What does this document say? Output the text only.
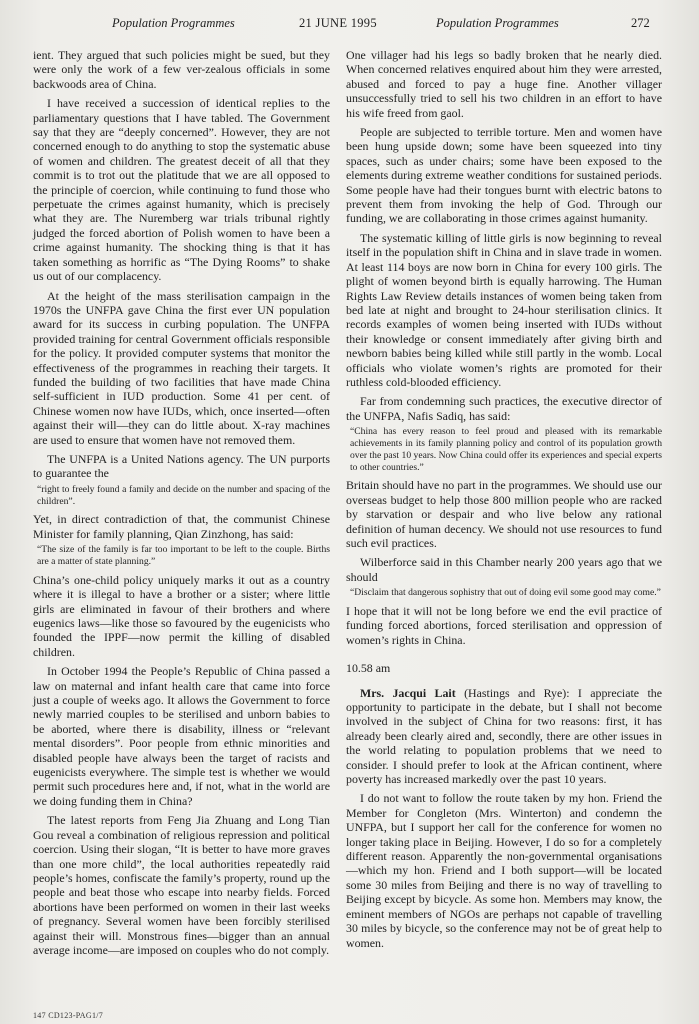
Population Programmes	21 JUNE 1995	Population Programmes	272

ient. They argued that such policies might be sued, but they were only the work of a few ver-zealous officials in some backwoods area of China.

I have received a succession of identical replies to the parliamentary questions that I have tabled. The Government say that they are “deeply concerned”. However, they are not concerned enough to do anything to stop the systematic abuse of women and children. The greatest deceit of all that they commit is to trot out the platitude that we are all opposed to the principle of coercion, while continuing to fund those who perpetuate the crimes against humanity, which is precisely what they are. The Nuremberg war trials tribunal rightly judged the forced abortion of Polish women to have been a crime against humanity. The shocking thing is that it has taken something as horrific as “The Dying Rooms” to shake us out of our complacency.

At the height of the mass sterilisation campaign in the 1970s the UNFPA gave China the first ever UN population award for its success in curbing population. The UNFPA provided training for central Government officials responsible for the policy. It provided computer systems that monitor the effectiveness of the programmes in reaching their targets. It funded the building of two facilities that have made China self-sufficient in IUD production. Some 41 per cent. of Chinese women now have IUDs, which, once inserted—often against their will—they can do little about. X-ray machines are used to ensure that women have not removed them.

The UNFPA is a United Nations agency. The UN purports to guarantee the

“right to freely found a family and decide on the number and spacing of the children”.

Yet, in direct contradiction of that, the communist Chinese Minister for family planning, Qian Zinzhong, has said:

“The size of the family is far too important to be left to the couple. Births are a matter of state planning.”

China’s one-child policy uniquely marks it out as a country where it is illegal to have a brother or a sister; where little girls are eliminated in favour of their brothers and where eugenics laws—like those so favoured by the eugenicists who founded the IPPF—now permit the killing of disabled children.

In October 1994 the People’s Republic of China passed a law on maternal and infant health care that came into force just a couple of weeks ago. It allows the Government to force newly married couples to be sterilised and unborn babies to be aborted, where there is disability, illness or “relevant mental disorders”. Poor people from ethnic minorities and disabled people have always been the target of racists and eugenicists everywhere. The simple test is whether we would permit such procedures here and, if not, what in the world are we doing funding them in China?

The latest reports from Feng Jia Zhuang and Long Tian Gou reveal a combination of religious repression and political coercion. Using their slogan, “It is better to have more graves than one more child”, the local authorities repeatedly raid people’s homes, confiscate the family’s property, round up the people and beat those who escape into nearby fields. Forced abortions have been performed on women in their last weeks of pregnancy. Several women have been forcibly sterilised against their will. Monstrous fines—bigger than an annual average income—are imposed on couples who do not comply.

One villager had his legs so badly broken that he nearly died. When concerned relatives enquired about him they were arrested, abused and forced to pay a huge fine. Another villager unsuccessfully tried to sell his two children in an effort to have his wife freed from gaol.

People are subjected to terrible torture. Men and women have been hung upside down; some have been squeezed into tiny spaces, such as under chairs; some have been exposed to the elements during extreme weather conditions for sustained periods. Some people have had their tongues burnt with electric batons to prevent them from invoking the help of God. Through our funding, we are collaborating in those crimes against humanity.

The systematic killing of little girls is now beginning to reveal itself in the population shift in China and in slave trade in women. At least 114 boys are now born in China for every 100 girls. The plight of women beyond birth is equally harrowing. The Human Rights Law Review details instances of women being taken from bed late at night and brought to 24-hour sterilisation clinics. It records examples of women being inserted with IUDs without their knowledge or consent immediately after giving birth and newborn babies being killed while still partly in the womb. Local officials who violate women’s rights are promoted for their ruthless cold-blooded efficiency.

Far from condemning such practices, the executive director of the UNFPA, Nafis Sadiq, has said:

“China has every reason to feel proud and pleased with its remarkable achievements in its family planning policy and control of its population growth over the past 10 years. Now China could offer its experiences and special experts to other countries.”

Britain should have no part in the programmes. We should use our overseas budget to help those 800 million people who are racked by starvation or despair and who live below any rational definition of human decency. We should not use resources to fund such evil practices.

Wilberforce said in this Chamber nearly 200 years ago that we should

“Disclaim that dangerous sophistry that out of doing evil some good may come.”

I hope that it will not be long before we end the evil practice of funding forced abortions, forced sterilisation and oppression of women’s rights in China.

10.58 am

Mrs. Jacqui Lait (Hastings and Rye): I appreciate the opportunity to participate in the debate, but I shall not become involved in the subject of China for two reasons: first, it has already been clearly aired and, secondly, there are other issues in the world relating to population problems that we need to consider. I should prefer to look at the African continent, where poverty has increased markedly over the past 10 years.

I do not want to follow the route taken by my hon. Friend the Member for Congleton (Mrs. Winterton) and condemn the UNFPA, but I support her call for the conference for women no longer taking place in Beijing. However, I do so for a completely different reason. Apparently the non-governmental organisations—which my hon. Friend and I both support—will be located some 30 miles from Beijing and there is no way of travelling to Beijing except by bicycle. As some hon. Members may know, the eminent members of NGOs are perhaps not capable of travelling 30 miles by bicycle, so the conference may not be of great help to women.

147 CD123-PAG1/7
